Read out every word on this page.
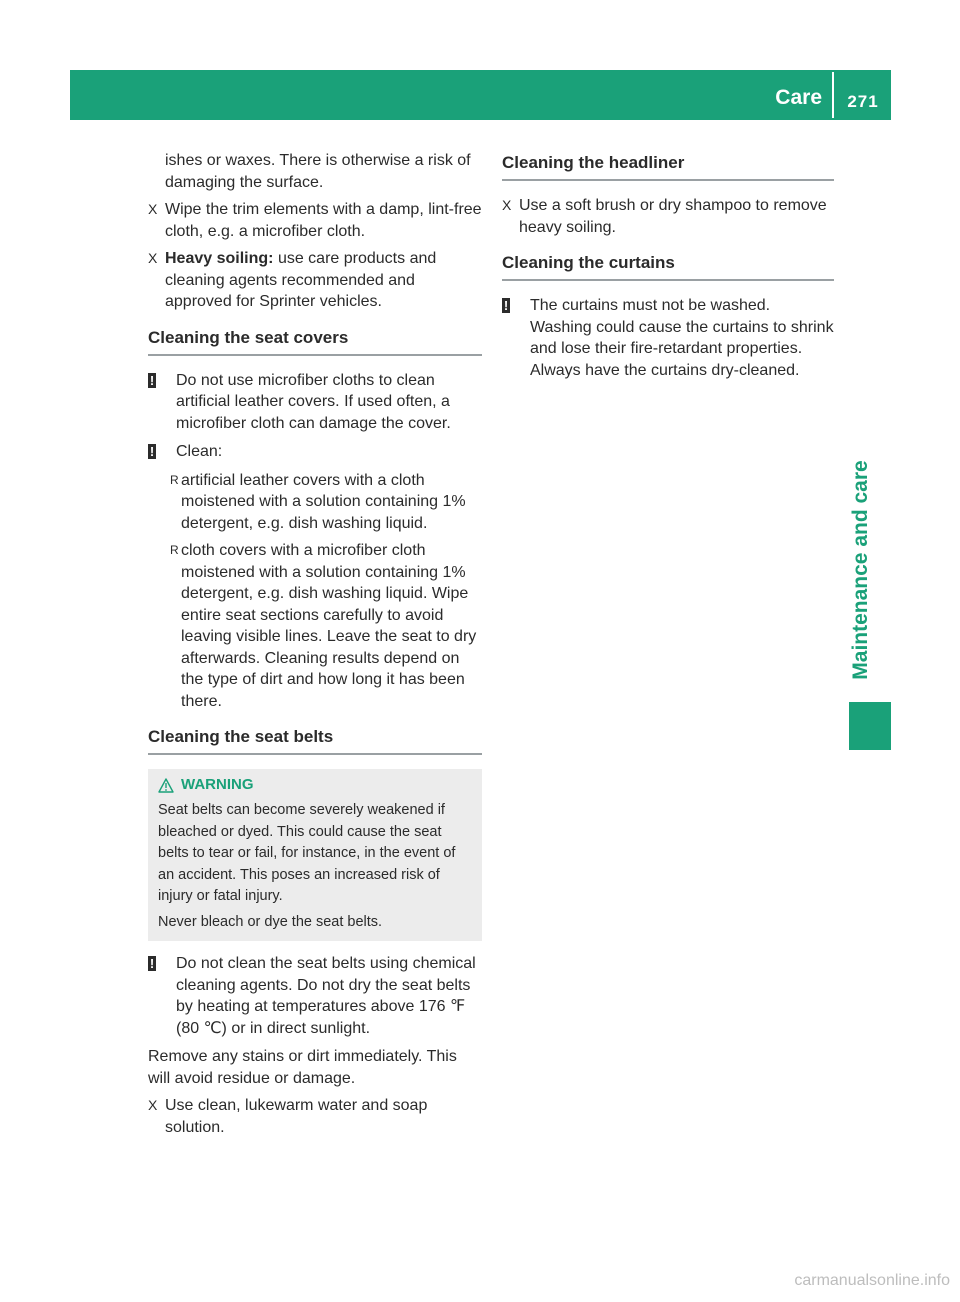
Care	271
Maintenance and care
ishes or waxes. There is otherwise a risk of damaging the surface.
X Wipe the trim elements with a damp, lint-free cloth, e.g. a microfiber cloth.
X Heavy soiling: use care products and cleaning agents recommended and approved for Sprinter vehicles.
Cleaning the seat covers
!	Do not use microfiber cloths to clean artificial leather covers. If used often, a microfiber cloth can damage the cover.
!	Clean:
R artificial leather covers with a cloth moistened with a solution containing 1% detergent, e.g. dish washing liquid.
R cloth covers with a microfiber cloth moistened with a solution containing 1% detergent, e.g. dish washing liquid. Wipe entire seat sections carefully to avoid leaving visible lines. Leave the seat to dry afterwards. Cleaning results depend on the type of dirt and how long it has been there.
Cleaning the seat belts
WARNING
Seat belts can become severely weakened if bleached or dyed. This could cause the seat belts to tear or fail, for instance, in the event of an accident. This poses an increased risk of injury or fatal injury.
Never bleach or dye the seat belts.
!	Do not clean the seat belts using chemical cleaning agents. Do not dry the seat belts by heating at temperatures above 176 ℉ (80 ℃) or in direct sunlight.
Remove any stains or dirt immediately. This will avoid residue or damage.
X Use clean, lukewarm water and soap solution.
Cleaning the headliner
X Use a soft brush or dry shampoo to remove heavy soiling.
Cleaning the curtains
!	The curtains must not be washed. Washing could cause the curtains to shrink and lose their fire-retardant properties. Always have the curtains dry-cleaned.
carmanualsonline.info
